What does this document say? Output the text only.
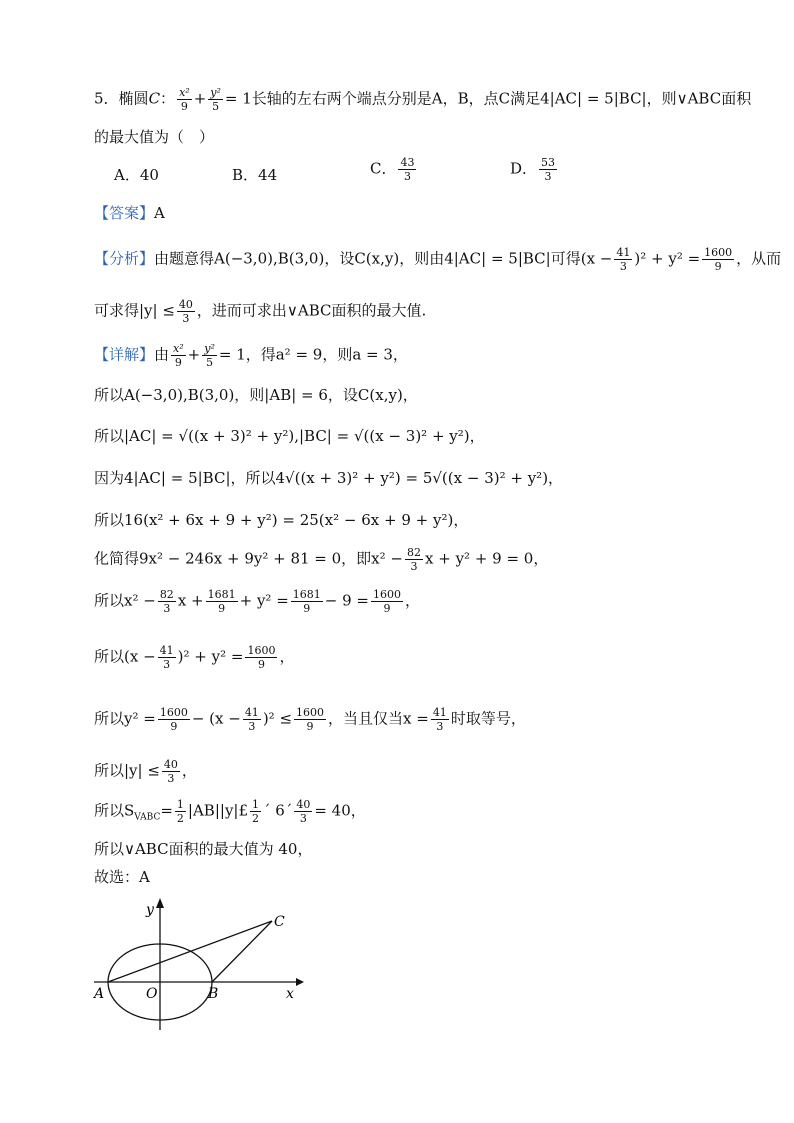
5．椭圆C： $\frac{\text{x²}}{9} + \frac{\text{y²}}{5} = 1$长轴的左右两个端点分别是A，B，点C满足4|AC| = 5|BC|，则∨ABC面积
的最大值为（　）
A．40	B．44	C． $\frac{43}{3}$	D． $\frac{53}{3}$
【答案】A
【分析】由题意得A(−3,0),B(3,0)，设C(x,y)，则由4|AC| = 5|BC|可得$(x - \frac{41}{3} )^2 + y^2 = \frac{1600}{9}$ ，从而
可求得$|y| \le \frac{40}{3}$ ，进而可求出∨ABC面积的最大值.
【详解】由 $\frac{\text{x²}}{9} + \frac{\text{y²}}{5} = 1$，得a² = 9，则a = 3，
所以A(−3,0),B(3,0)，则|AB| = 6，设C(x,y)，
所以|AC| = √((x + 3)² + y²),|BC| = √((x − 3)² + y²)，
因为4|AC| = 5|BC|，所以4√((x + 3)² + y²) = 5√((x − 3)² + y²)，
所以16(x² + 6x + 9 + y²) = 25(x² − 6x + 9 + y²)，
化简得9x² − 246x + 9y² + 81 = 0，即$x^2 - \frac{82}{3}$ x + y² + 9 = 0，
所以$x^2 - \frac{82}{3}$ $x + \frac{1681}{9} + y^2 = \frac{1681}{9} - 9 = \frac{1600}{9}$ ，
所以$(x - \frac{41}{3} )^2 + y^2 = \frac{1600}{9}$ ，
所以$y^2 = \frac{1600}{9} - (x - \frac{41}{3} )^2 \le \frac{1600}{9}$ ，当且仅当$x = \frac{41}{3}$ 时取等号，
所以$|y| \le \frac{40}{3}$ ，
所以$S_{VABC}= \frac{1}{2}$ |AB||y|£ $\frac{1}{2}$ ´ 6´ $\frac{40}{3} = 40$，
所以∨ABC面积的最大值为 40，
故选：A
y
x
A	O	B
C
